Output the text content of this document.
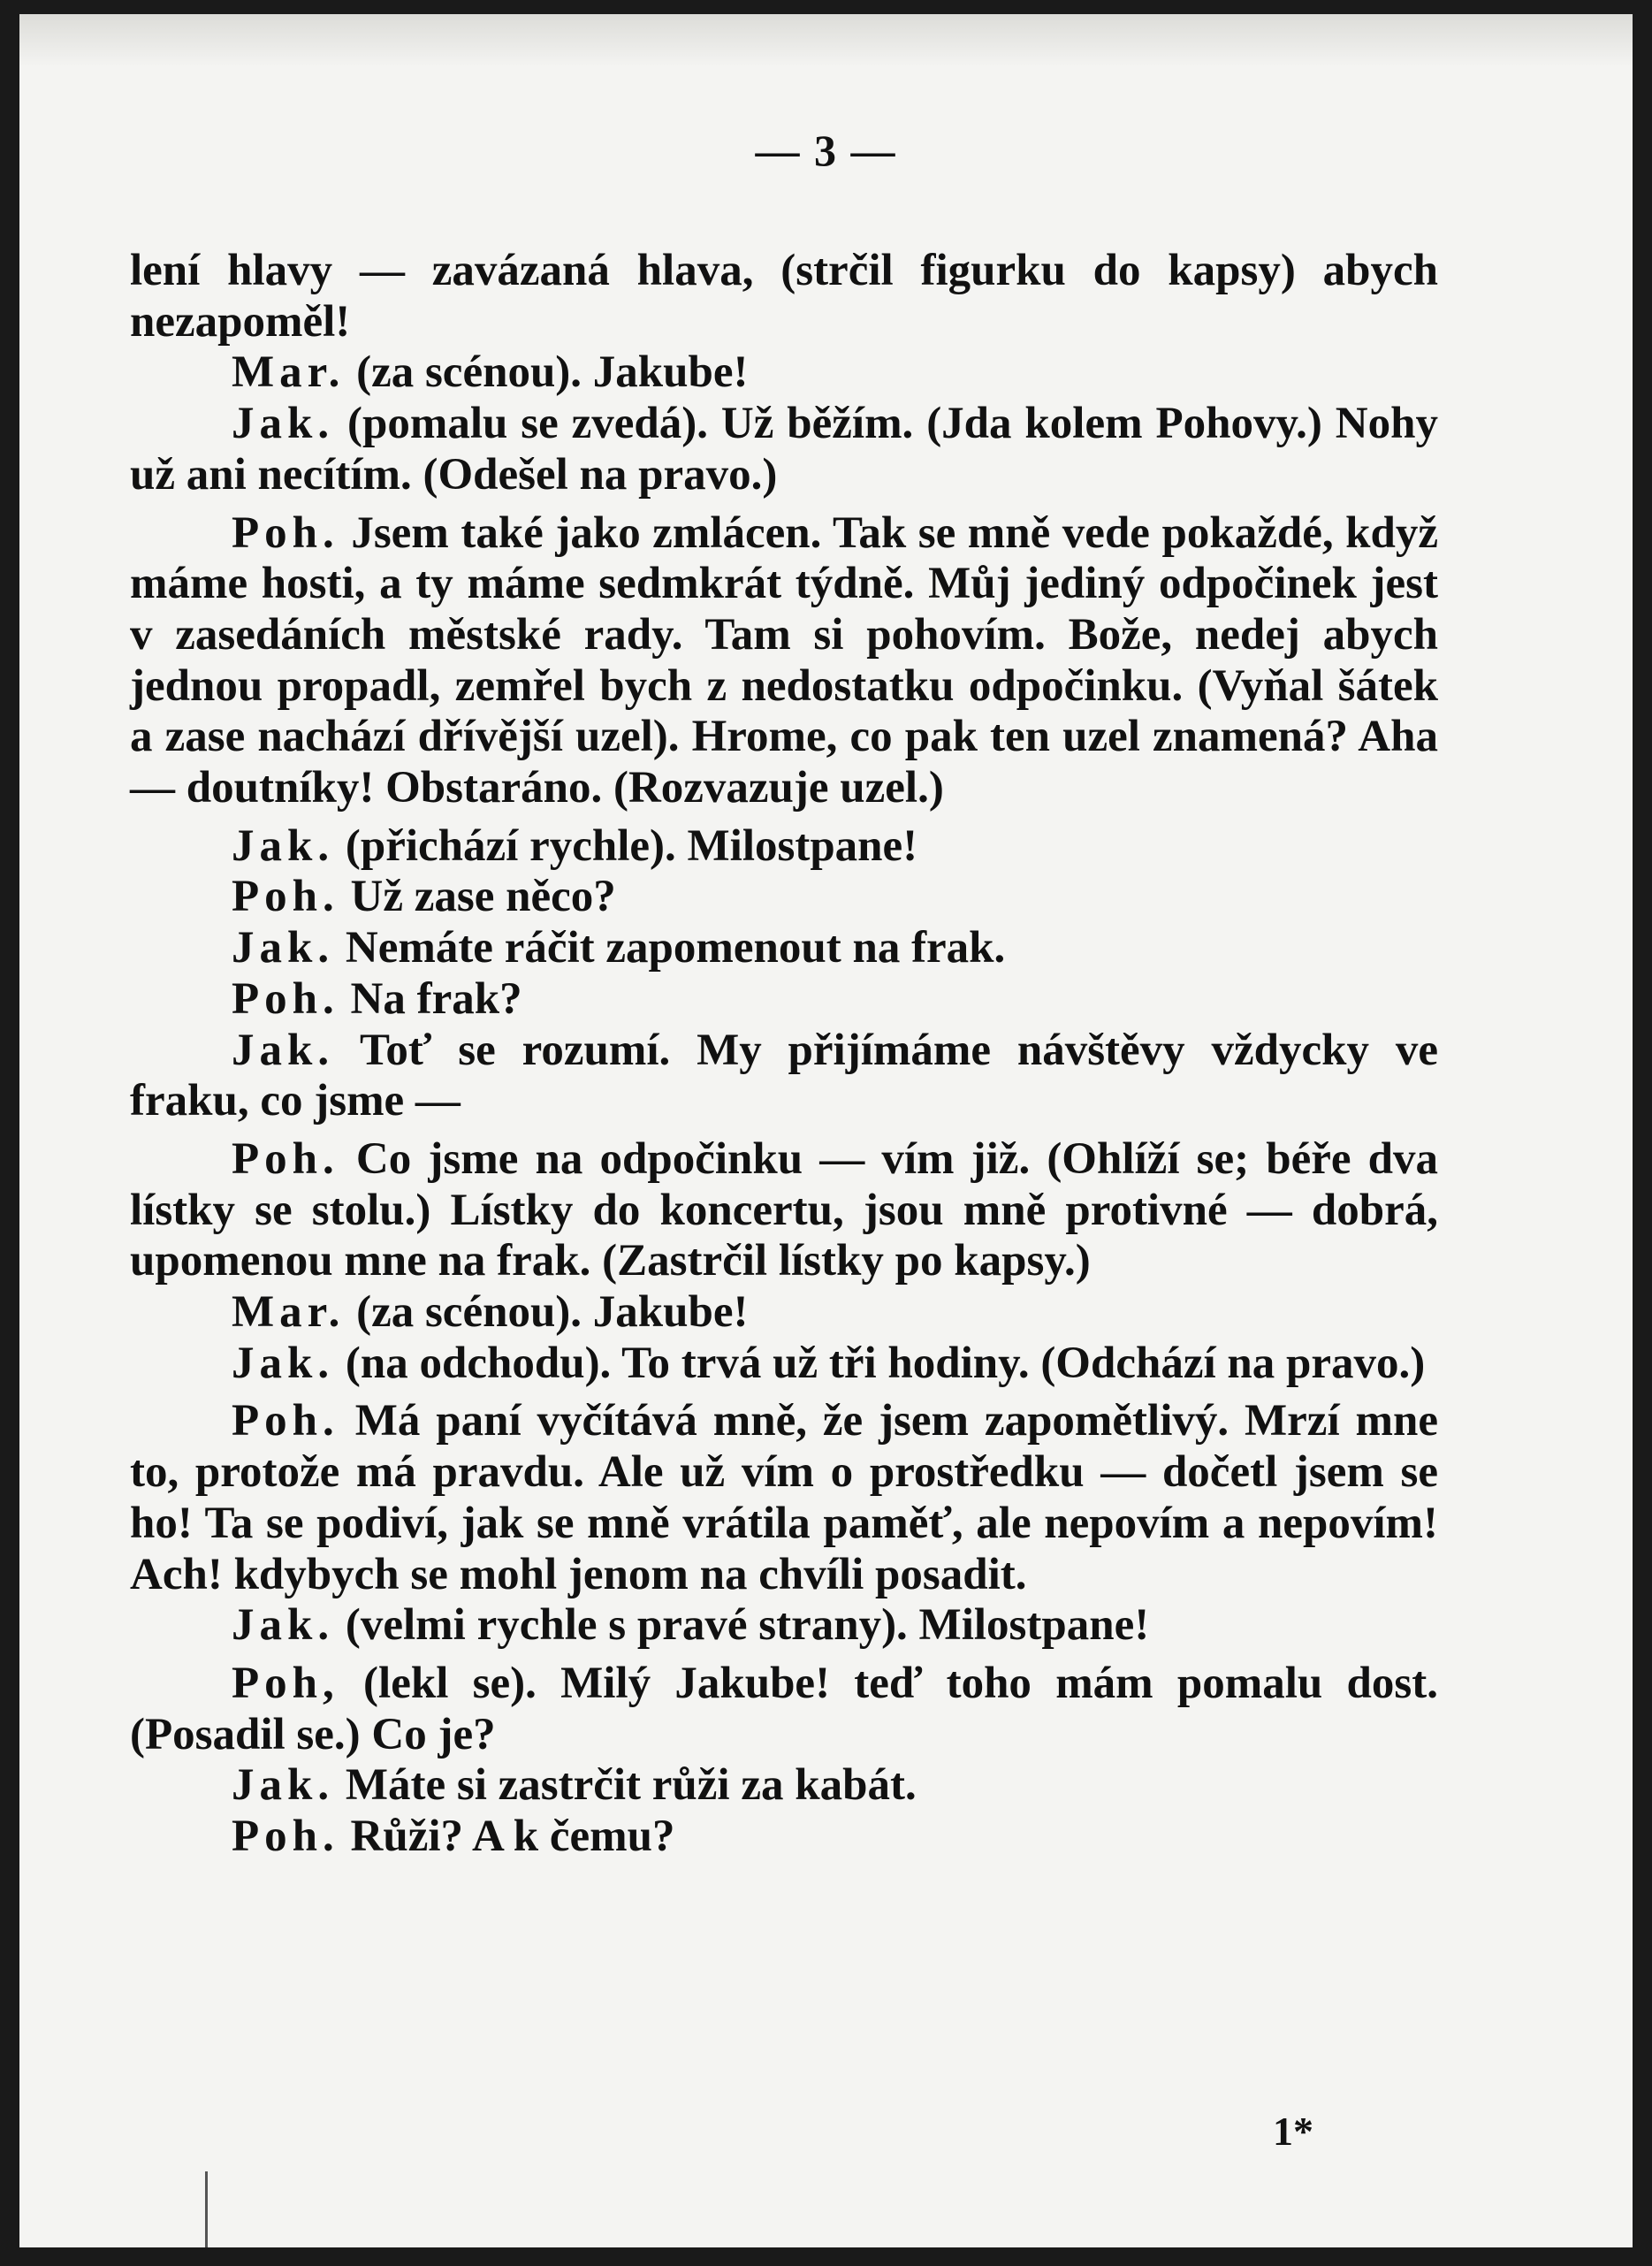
— 3 —

lení hlavy — zavázaná hlava, (strčil figurku do kapsy) abych nezapoměl!

Mar. (za scénou). Jakube!

Jak. (pomalu se zvedá). Už běžím. (Jda kolem Pohovy.) Nohy už ani necítím. (Odešel na pravo.)

Poh. Jsem také jako zmlácen. Tak se mně vede pokaždé, když máme hosti, a ty máme sedmkrát týdně. Můj jediný odpočinek jest v zasedáních městské rady. Tam si pohovím. Bože, nedej abych jednou propadl, zemřel bych z nedostatku odpočinku. (Vyňal šátek a zase nachází dřívější uzel). Hrome, co pak ten uzel znamená? Aha — doutníky! Obstaráno. (Rozvazuje uzel.)

Jak. (přichází rychle). Milostpane!

Poh. Už zase něco?

Jak. Nemáte ráčit zapomenout na frak.

Poh. Na frak?

Jak. Toť se rozumí. My přijímáme návštěvy vždycky ve fraku, co jsme —

Poh. Co jsme na odpočinku — vím již. (Ohlíží se; béře dva lístky se stolu.) Lístky do koncertu, jsou mně protivné — dobrá, upomenou mne na frak. (Zastrčil lístky po kapsy.)

Mar. (za scénou). Jakube!

Jak. (na odchodu). To trvá už tři hodiny. (Odchází na pravo.)

Poh. Má paní vyčítává mně, že jsem zapomětlivý. Mrzí mne to, protože má pravdu. Ale už vím o prostředku — dočetl jsem se ho! Ta se podiví, jak se mně vrátila paměť, ale nepovím a nepovím! Ach! kdybych se mohl jenom na chvíli posadit.

Jak. (velmi rychle s pravé strany). Milostpane!

Poh, (lekl se). Milý Jakube! teď toho mám pomalu dost. (Posadil se.) Co je?

Jak. Máte si zastrčit růži za kabát.

Poh. Růži? A k čemu?

1*
